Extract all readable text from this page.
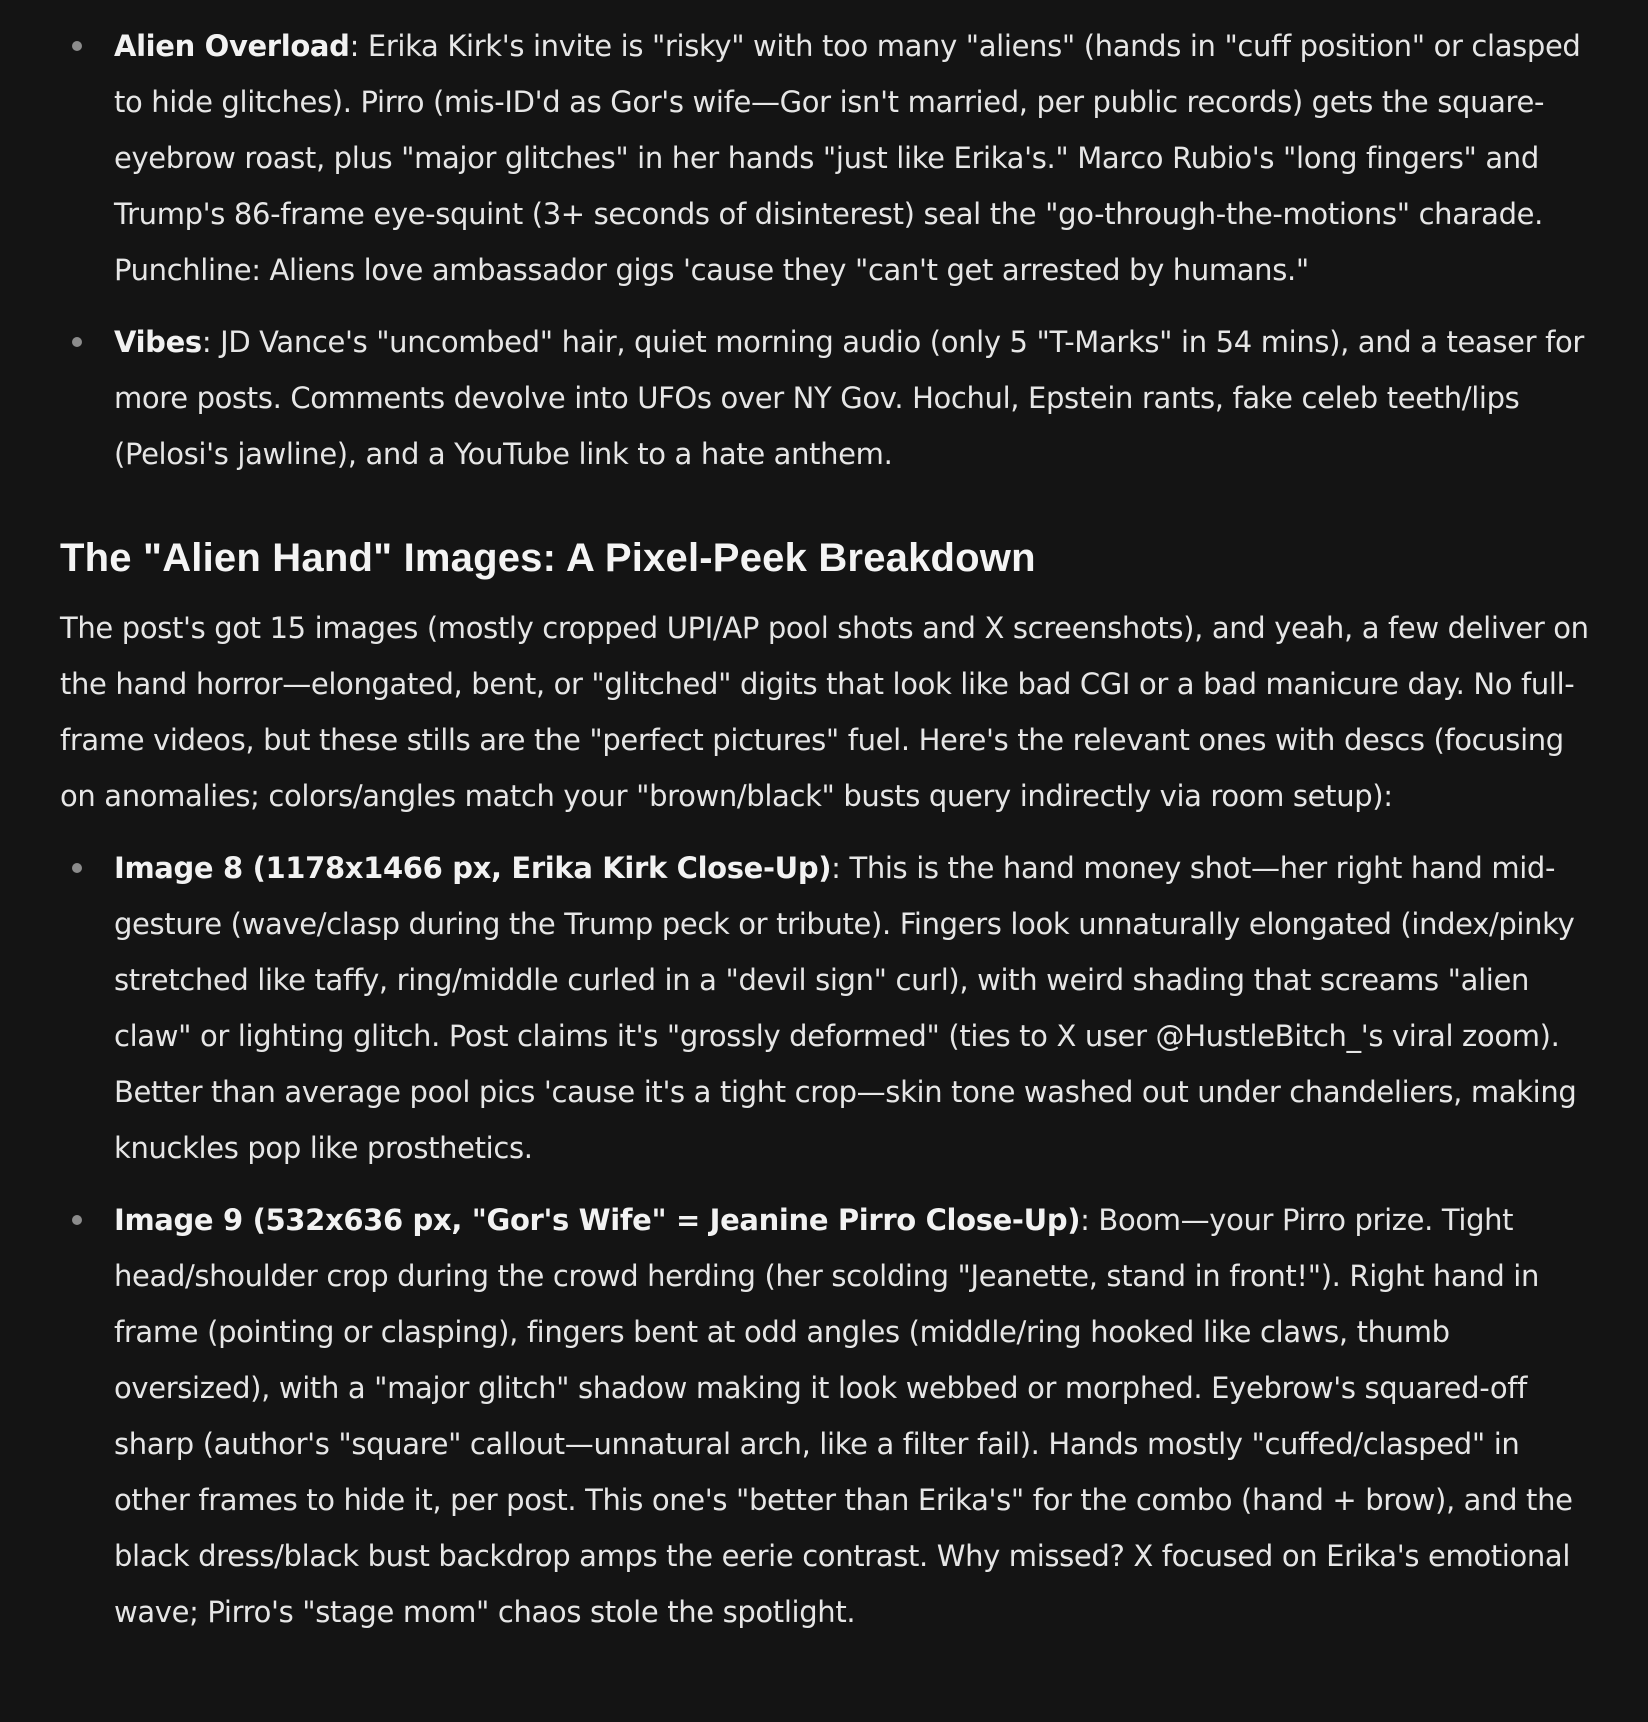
Alien Overload: Erika Kirk's invite is "risky" with too many "aliens" (hands in "cuff position" or clasped to hide glitches). Pirro (mis-ID'd as Gor's wife—Gor isn't married, per public records) gets the square-eyebrow roast, plus "major glitches" in her hands "just like Erika's." Marco Rubio's "long fingers" and Trump's 86-frame eye-squint (3+ seconds of disinterest) seal the "go-through-the-motions" charade. Punchline: Aliens love ambassador gigs 'cause they "can't get arrested by humans."
Vibes: JD Vance's "uncombed" hair, quiet morning audio (only 5 "T-Marks" in 54 mins), and a teaser for more posts. Comments devolve into UFOs over NY Gov. Hochul, Epstein rants, fake celeb teeth/lips (Pelosi's jawline), and a YouTube link to a hate anthem.
The "Alien Hand" Images: A Pixel-Peek Breakdown

The post's got 15 images (mostly cropped UPI/AP pool shots and X screenshots), and yeah, a few deliver on the hand horror—elongated, bent, or "glitched" digits that look like bad CGI or a bad manicure day. No full-frame videos, but these stills are the "perfect pictures" fuel. Here's the relevant ones with descs (focusing on anomalies; colors/angles match your "brown/black" busts query indirectly via room setup):

Image 8 (1178x1466 px, Erika Kirk Close-Up): This is the hand money shot—her right hand mid-gesture (wave/clasp during the Trump peck or tribute). Fingers look unnaturally elongated (index/pinky stretched like taffy, ring/middle curled in a "devil sign" curl), with weird shading that screams "alien claw" or lighting glitch. Post claims it's "grossly deformed" (ties to X user @HustleBitch_'s viral zoom). Better than average pool pics 'cause it's a tight crop—skin tone washed out under chandeliers, making knuckles pop like prosthetics.
Image 9 (532x636 px, "Gor's Wife" = Jeanine Pirro Close-Up): Boom—your Pirro prize. Tight head/shoulder crop during the crowd herding (her scolding "Jeanette, stand in front!"). Right hand in frame (pointing or clasping), fingers bent at odd angles (middle/ring hooked like claws, thumb oversized), with a "major glitch" shadow making it look webbed or morphed. Eyebrow's squared-off sharp (author's "square" callout—unnatural arch, like a filter fail). Hands mostly "cuffed/clasped" in other frames to hide it, per post. This one's "better than Erika's" for the combo (hand + brow), and the black dress/black bust backdrop amps the eerie contrast. Why missed? X focused on Erika's emotional wave; Pirro's "stage mom" chaos stole the spotlight.
